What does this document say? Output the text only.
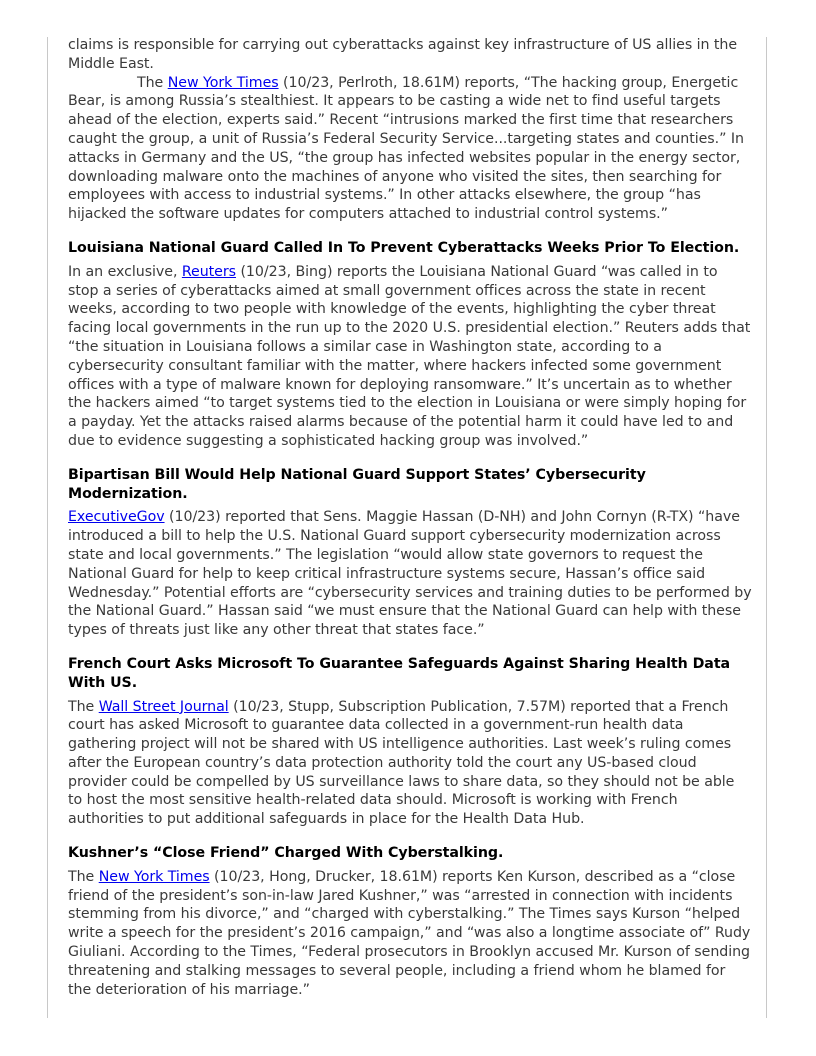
claims is responsible for carrying out cyberattacks against key infrastructure of US allies in the Middle East.

The New York Times (10/23, Perlroth, 18.61M) reports, “The hacking group, Energetic Bear, is among Russia’s stealthiest. It appears to be casting a wide net to find useful targets ahead of the election, experts said.” Recent “intrusions marked the first time that researchers caught the group, a unit of Russia’s Federal Security Service...targeting states and counties.” In attacks in Germany and the US, “the group has infected websites popular in the energy sector, downloading malware onto the machines of anyone who visited the sites, then searching for employees with access to industrial systems.” In other attacks elsewhere, the group “has hijacked the software updates for computers attached to industrial control systems.”

Louisiana National Guard Called In To Prevent Cyberattacks Weeks Prior To Election.

In an exclusive, Reuters (10/23, Bing) reports the Louisiana National Guard “was called in to stop a series of cyberattacks aimed at small government offices across the state in recent weeks, according to two people with knowledge of the events, highlighting the cyber threat facing local governments in the run up to the 2020 U.S. presidential election.” Reuters adds that “the situation in Louisiana follows a similar case in Washington state, according to a cybersecurity consultant familiar with the matter, where hackers infected some government offices with a type of malware known for deploying ransomware.” It’s uncertain as to whether the hackers aimed “to target systems tied to the election in Louisiana or were simply hoping for a payday. Yet the attacks raised alarms because of the potential harm it could have led to and due to evidence suggesting a sophisticated hacking group was involved.”

Bipartisan Bill Would Help National Guard Support States’ Cybersecurity Modernization.

ExecutiveGov (10/23) reported that Sens. Maggie Hassan (D-NH) and John Cornyn (R-TX) “have introduced a bill to help the U.S. National Guard support cybersecurity modernization across state and local governments.” The legislation “would allow state governors to request the National Guard for help to keep critical infrastructure systems secure, Hassan’s office said Wednesday.” Potential efforts are “cybersecurity services and training duties to be performed by the National Guard.” Hassan said “we must ensure that the National Guard can help with these types of threats just like any other threat that states face.”

French Court Asks Microsoft To Guarantee Safeguards Against Sharing Health Data With US.

The Wall Street Journal (10/23, Stupp, Subscription Publication, 7.57M) reported that a French court has asked Microsoft to guarantee data collected in a government-run health data gathering project will not be shared with US intelligence authorities. Last week’s ruling comes after the European country’s data protection authority told the court any US-based cloud provider could be compelled by US surveillance laws to share data, so they should not be able to host the most sensitive health-related data should. Microsoft is working with French authorities to put additional safeguards in place for the Health Data Hub.

Kushner’s “Close Friend” Charged With Cyberstalking.

The New York Times (10/23, Hong, Drucker, 18.61M) reports Ken Kurson, described as a “close friend of the president’s son-in-law Jared Kushner,” was “arrested in connection with incidents stemming from his divorce,” and “charged with cyberstalking.” The Times says Kurson “helped write a speech for the president’s 2016 campaign,” and “was also a longtime associate of” Rudy Giuliani. According to the Times, “Federal prosecutors in Brooklyn accused Mr. Kurson of sending threatening and stalking messages to several people, including a friend whom he blamed for the deterioration of his marriage.”
